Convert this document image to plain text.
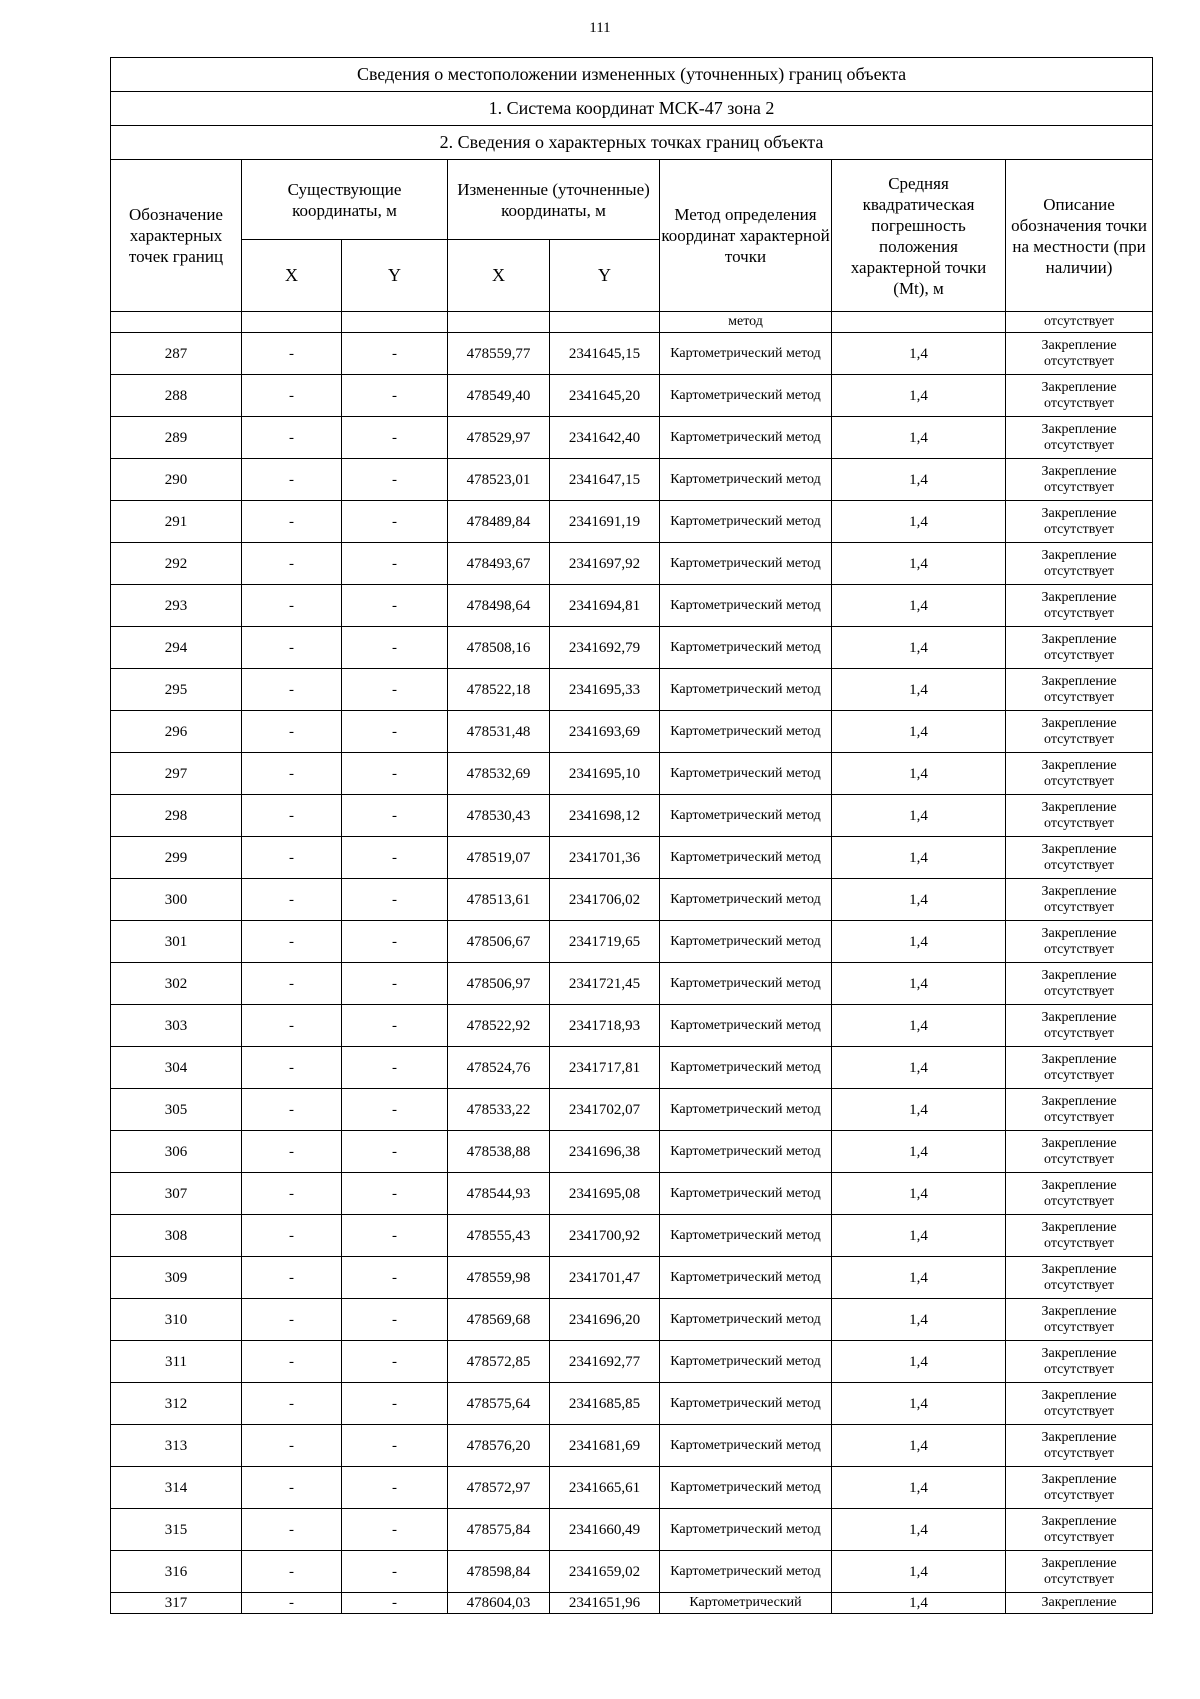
111
Сведения о местоположении измененных (уточненных) границ объекта							
1. Система координат МСК-47 зона 2							
2. Сведения о характерных точках границ объекта							
Обозначение характерных точек границ	Существующие координаты, м		Измененные (уточненные) координаты, м		Метод определения координат характерной точки	Средняя квадратическая погрешность положения характерной точки (Mt), м	Описание обозначения точки на местности (при наличии)
	X	Y	X	Y			
					метод		отсутствует
287	-	-	478559,77	2341645,15	Картометрический метод	1,4	Закрепление отсутствует
288	-	-	478549,40	2341645,20	Картометрический метод	1,4	Закрепление отсутствует
289	-	-	478529,97	2341642,40	Картометрический метод	1,4	Закрепление отсутствует
290	-	-	478523,01	2341647,15	Картометрический метод	1,4	Закрепление отсутствует
291	-	-	478489,84	2341691,19	Картометрический метод	1,4	Закрепление отсутствует
292	-	-	478493,67	2341697,92	Картометрический метод	1,4	Закрепление отсутствует
293	-	-	478498,64	2341694,81	Картометрический метод	1,4	Закрепление отсутствует
294	-	-	478508,16	2341692,79	Картометрический метод	1,4	Закрепление отсутствует
295	-	-	478522,18	2341695,33	Картометрический метод	1,4	Закрепление отсутствует
296	-	-	478531,48	2341693,69	Картометрический метод	1,4	Закрепление отсутствует
297	-	-	478532,69	2341695,10	Картометрический метод	1,4	Закрепление отсутствует
298	-	-	478530,43	2341698,12	Картометрический метод	1,4	Закрепление отсутствует
299	-	-	478519,07	2341701,36	Картометрический метод	1,4	Закрепление отсутствует
300	-	-	478513,61	2341706,02	Картометрический метод	1,4	Закрепление отсутствует
301	-	-	478506,67	2341719,65	Картометрический метод	1,4	Закрепление отсутствует
302	-	-	478506,97	2341721,45	Картометрический метод	1,4	Закрепление отсутствует
303	-	-	478522,92	2341718,93	Картометрический метод	1,4	Закрепление отсутствует
304	-	-	478524,76	2341717,81	Картометрический метод	1,4	Закрепление отсутствует
305	-	-	478533,22	2341702,07	Картометрический метод	1,4	Закрепление отсутствует
306	-	-	478538,88	2341696,38	Картометрический метод	1,4	Закрепление отсутствует
307	-	-	478544,93	2341695,08	Картометрический метод	1,4	Закрепление отсутствует
308	-	-	478555,43	2341700,92	Картометрический метод	1,4	Закрепление отсутствует
309	-	-	478559,98	2341701,47	Картометрический метод	1,4	Закрепление отсутствует
310	-	-	478569,68	2341696,20	Картометрический метод	1,4	Закрепление отсутствует
311	-	-	478572,85	2341692,77	Картометрический метод	1,4	Закрепление отсутствует
312	-	-	478575,64	2341685,85	Картометрический метод	1,4	Закрепление отсутствует
313	-	-	478576,20	2341681,69	Картометрический метод	1,4	Закрепление отсутствует
314	-	-	478572,97	2341665,61	Картометрический метод	1,4	Закрепление отсутствует
315	-	-	478575,84	2341660,49	Картометрический метод	1,4	Закрепление отсутствует
316	-	-	478598,84	2341659,02	Картометрический метод	1,4	Закрепление отсутствует
317	-	-	478604,03	2341651,96	Картометрический	1,4	Закрепление
